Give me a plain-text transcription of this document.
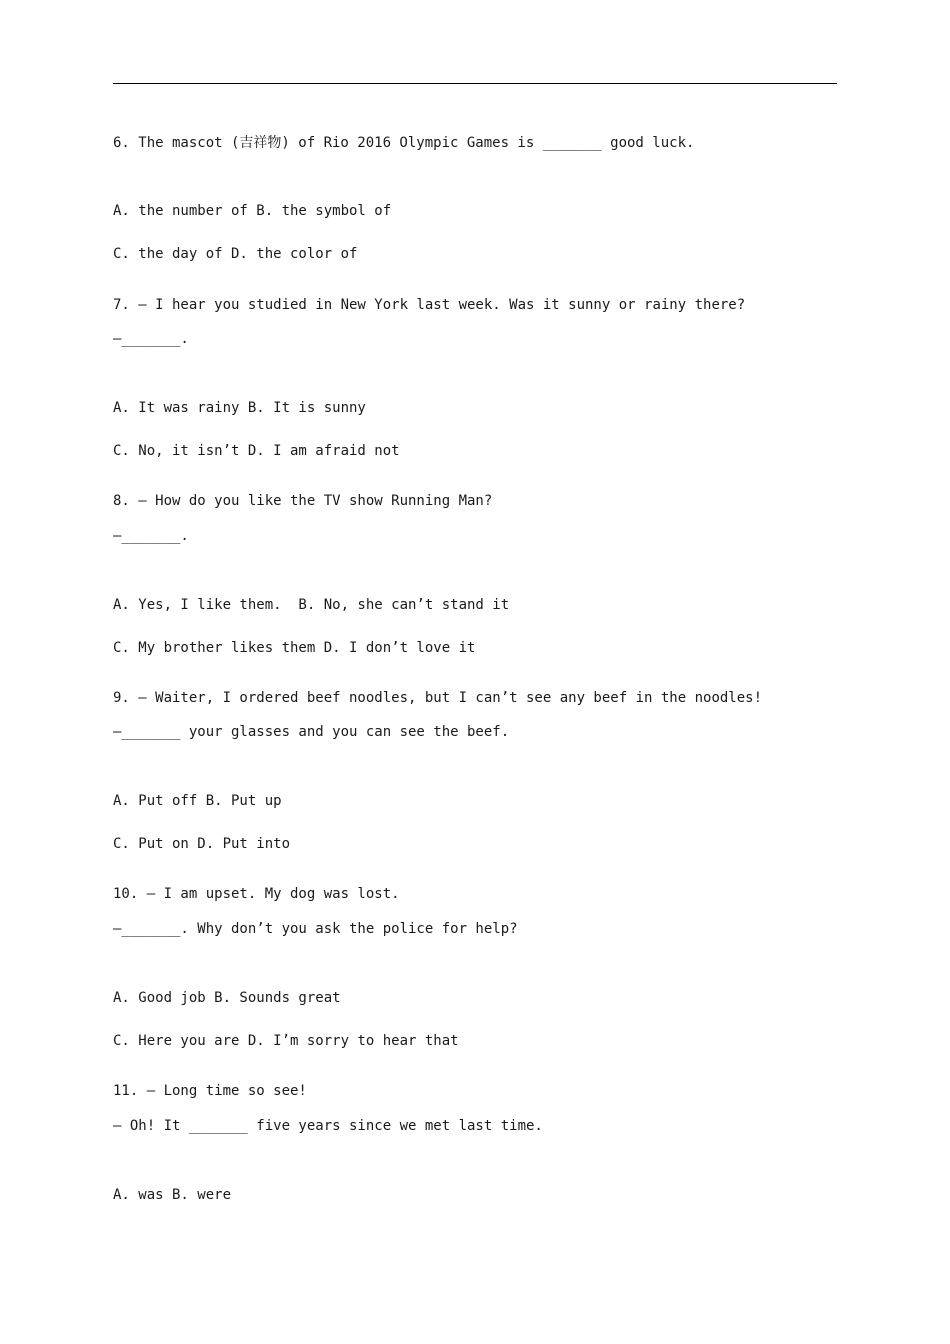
6. The mascot (吉祥物) of Rio 2016 Olympic Games is _______ good luck.
A. the number of B. the symbol of
C. the day of D. the color of
7. — I hear you studied in New York last week. Was it sunny or rainy there?
—_______.
A. It was rainy B. It is sunny
C. No, it isn’t D. I am afraid not
8. — How do you like the TV show Running Man?
—_______.
A. Yes, I like them.  B. No, she can’t stand it
C. My brother likes them D. I don’t love it
9. — Waiter, I ordered beef noodles, but I can’t see any beef in the noodles!
—_______ your glasses and you can see the beef.
A. Put off B. Put up
C. Put on D. Put into
10. — I am upset. My dog was lost.
—_______. Why don’t you ask the police for help?
A. Good job B. Sounds great
C. Here you are D. I’m sorry to hear that
11. — Long time so see!
— Oh! It _______ five years since we met last time.
A. was B. were
